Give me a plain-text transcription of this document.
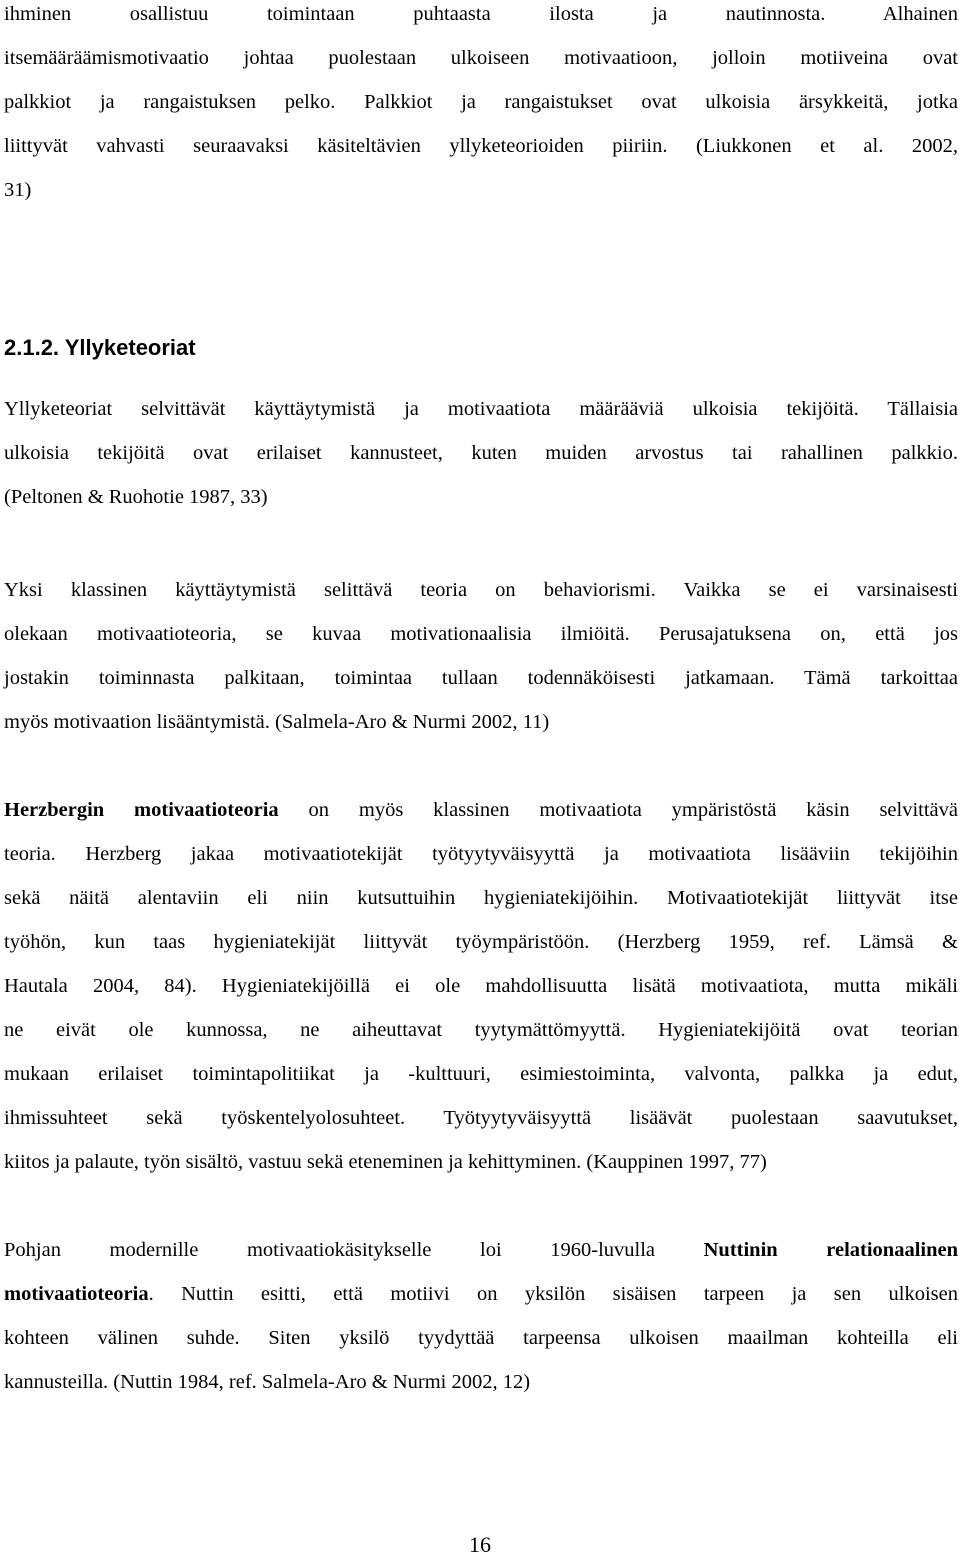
ihminen osallistuu toimintaan puhtaasta ilosta ja nautinnosta. Alhainen
itsemääräämismotivaatio johtaa puolestaan ulkoiseen motivaatioon, jolloin motiiveina ovat
palkkiot ja rangaistuksen pelko. Palkkiot ja rangaistukset ovat ulkoisia ärsykkeitä, jotka
liittyvät vahvasti seuraavaksi käsiteltävien yllyketeorioiden piiriin. (Liukkonen et al. 2002,
31)
2.1.2. Yllyketeoriat
Yllyketeoriat selvittävät käyttäytymistä ja motivaatiota määrääviä ulkoisia tekijöitä. Tällaisia
ulkoisia tekijöitä ovat erilaiset kannusteet, kuten muiden arvostus tai rahallinen palkkio.
(Peltonen & Ruohotie 1987, 33)
Yksi klassinen käyttäytymistä selittävä teoria on behaviorismi. Vaikka se ei varsinaisesti
olekaan motivaatioteoria, se kuvaa motivationaalisia ilmiöitä. Perusajatuksena on, että jos
jostakin toiminnasta palkitaan, toimintaa tullaan todennäköisesti jatkamaan. Tämä tarkoittaa
myös motivaation lisääntymistä. (Salmela-Aro & Nurmi 2002, 11)
Herzbergin motivaatioteoria on myös klassinen motivaatiota ympäristöstä käsin selvittävä
teoria. Herzberg jakaa motivaatiotekijät työtyytyväisyyttä ja motivaatiota lisääviin tekijöihin
sekä näitä alentaviin eli niin kutsuttuihin hygieniatekijöihin. Motivaatiotekijät liittyvät itse
työhön, kun taas hygieniatekijät liittyvät työympäristöön. (Herzberg 1959, ref. Lämsä &
Hautala 2004, 84). Hygieniatekijöillä ei ole mahdollisuutta lisätä motivaatiota, mutta mikäli
ne eivät ole kunnossa, ne aiheuttavat tyytymättömyyttä. Hygieniatekijöitä ovat teorian
mukaan erilaiset toimintapolitiikat ja -kulttuuri, esimiestoiminta, valvonta, palkka ja edut,
ihmissuhteet sekä työskentelyolosuhteet. Työtyytyväisyyttä lisäävät puolestaan saavutukset,
kiitos ja palaute, työn sisältö, vastuu sekä eteneminen ja kehittyminen. (Kauppinen 1997, 77)
Pohjan modernille motivaatiokäsitykselle loi 1960-luvulla Nuttinin relationaalinen
motivaatioteoria. Nuttin esitti, että motiivi on yksilön sisäisen tarpeen ja sen ulkoisen
kohteen välinen suhde. Siten yksilö tyydyttää tarpeensa ulkoisen maailman kohteilla eli
kannusteilla. (Nuttin 1984, ref. Salmela-Aro & Nurmi 2002, 12)
16
